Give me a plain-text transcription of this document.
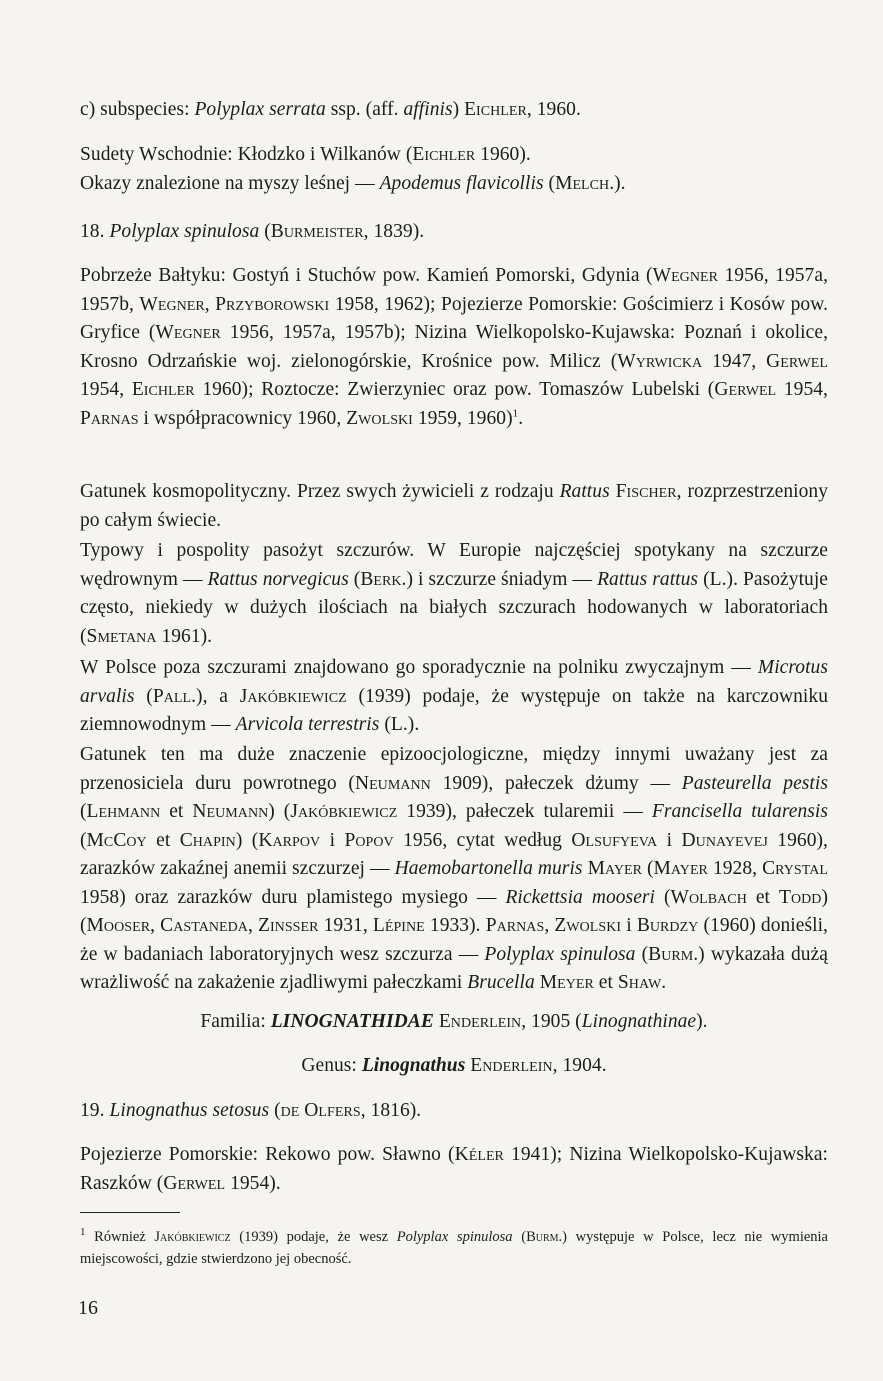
c) subspecies: Polyplax serrata ssp. (aff. affinis) Eichler, 1960.
Sudety Wschodnie: Kłodzko i Wilkanów (Eichler 1960).
Okazy znalezione na myszy leśnej — Apodemus flavicollis (Melch.).
18. Polyplax spinulosa (Burmeister, 1839).
Pobrzeże Bałtyku: Gostyń i Stuchów pow. Kamień Pomorski, Gdynia (Wegner 1956, 1957a, 1957b, Wegner, Przyborowski 1958, 1962); Pojezierze Pomorskie: Gościmierz i Kosów pow. Gryfice (Wegner 1956, 1957a, 1957b); Nizina Wielkopolsko-Kujawska: Poznań i okolice, Krosno Odrzańskie woj. zielonogórskie, Krośnice pow. Milicz (Wyrwicka 1947, Gerwel 1954, Eichler 1960); Roztocze: Zwierzyniec oraz pow. Tomaszów Lubelski (Gerwel 1954, Parnas i współpracownicy 1960, Zwolski 1959, 1960)$^1$.
Gatunek kosmopolityczny. Przez swych żywicieli z rodzaju Rattus Fischer, rozprzestrzeniony po całym świecie.
Typowy i pospolity pasożyt szczurów. W Europie najczęściej spotykany na szczurze wędrownym — Rattus norvegicus (Berk.) i szczurze śniadym — Rattus rattus (L.). Pasożytuje często, niekiedy w dużych ilościach na białych szczurach hodowanych w laboratoriach (Smetana 1961).
W Polsce poza szczurami znajdowano go sporadycznie na polniku zwyczajnym — Microtus arvalis (Pall.), a Jakóbkiewicz (1939) podaje, że występuje on także na karczowniku ziemnowodnym — Arvicola terrestris (L.).
Gatunek ten ma duże znaczenie epizoocjologiczne, między innymi uważany jest za przenosiciela duru powrotnego (Neumann 1909), pałeczek dżumy — Pasteurella pestis (Lehmann et Neumann) (Jakóbkiewicz 1939), pałeczek tularemii — Francisella tularensis (McCoy et Chapin) (Karpov i Popov 1956, cytat według Olsufyeva i Dunayevej 1960), zarazków zakaźnej anemii szczurzej — Haemobartonella muris Mayer (Mayer 1928, Crystal 1958) oraz zarazków duru plamistego mysiego — Rickettsia mooseri (Wolbach et Todd) (Mooser, Castaneda, Zinsser 1931, Lépine 1933). Parnas, Zwolski i Burdzy (1960) donieśli, że w badaniach laboratoryjnych wesz szczurza — Polyplax spinulosa (Burm.) wykazała dużą wrażliwość na zakażenie zjadliwymi pałeczkami Brucella Meyer et Shaw.
Familia: LINOGNATHIDAE Enderlein, 1905 (Linognathinae).
Genus: Linognathus Enderlein, 1904.
19. Linognathus setosus (de Olfers, 1816).
Pojezierze Pomorskie: Rekowo pow. Sławno (Kéler 1941); Nizina Wielkopolsko-Kujawska: Raszków (Gerwel 1954).
$^1$ Również Jakóbkiewicz (1939) podaje, że wesz Polyplax spinulosa (Burm.) występuje w Polsce, lecz nie wymienia miejscowości, gdzie stwierdzono jej obecność.
16
